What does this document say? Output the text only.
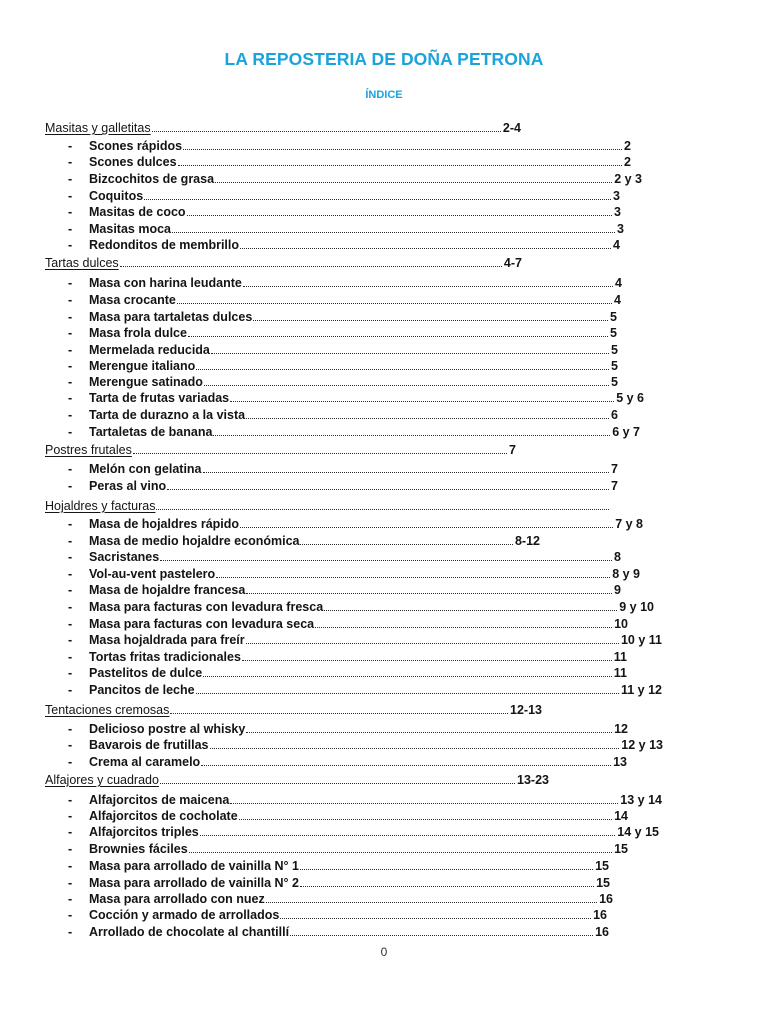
LA REPOSTERIA DE DOÑA PETRONA
ÍNDICE
Masitas y galletitas	2-4
-	Scones rápidos	2
-	Scones dulces	2
-	Bizcochitos de grasa	2 y 3
-	Coquitos	3
-	Masitas de coco	3
-	Masitas moca	3
-	Redonditos de membrillo	4
Tartas dulces	4-7
-	Masa con harina leudante	4
-	Masa crocante	4
-	Masa para tartaletas dulces	5
-	Masa frola dulce	5
-	Mermelada reducida	5
-	Merengue italiano	5
-	Merengue satinado	5
-	Tarta de frutas variadas	5 y 6
-	Tarta de durazno a la vista	6
-	Tartaletas de banana	6 y 7
Postres frutales	7
-	Melón con gelatina	7
-	Peras al vino	7
Hojaldres y facturas
-	Masa de hojaldres rápido	7 y 8
-	Masa de medio hojaldre económica	8-12
-	Sacristanes	8
-	Vol-au-vent pastelero	8 y 9
-	Masa de hojaldre francesa	9
-	Masa para facturas con levadura fresca	9 y 10
-	Masa para facturas con levadura seca	10
-	Masa hojaldrada para freír	10 y 11
-	Tortas fritas tradicionales	11
-	Pastelitos de dulce	11
-	Pancitos de leche	11 y 12
Tentaciones cremosas	12-13
-	Delicioso postre al whisky	12
-	Bavarois de frutillas	12 y 13
-	Crema al caramelo	13
Alfajores y cuadrado	13-23
-	Alfajorcitos de maicena	13 y 14
-	Alfajorcitos de cocholate	14
-	Alfajorcitos triples	14 y 15
-	Brownies fáciles	15
-	Masa para arrollado de vainilla N° 1	15
-	Masa para arrollado de vainilla N° 2	15
-	Masa para arrollado con nuez	16
-	Cocción y armado de arrollados	16
-	Arrollado de chocolate al chantillí	16
0
